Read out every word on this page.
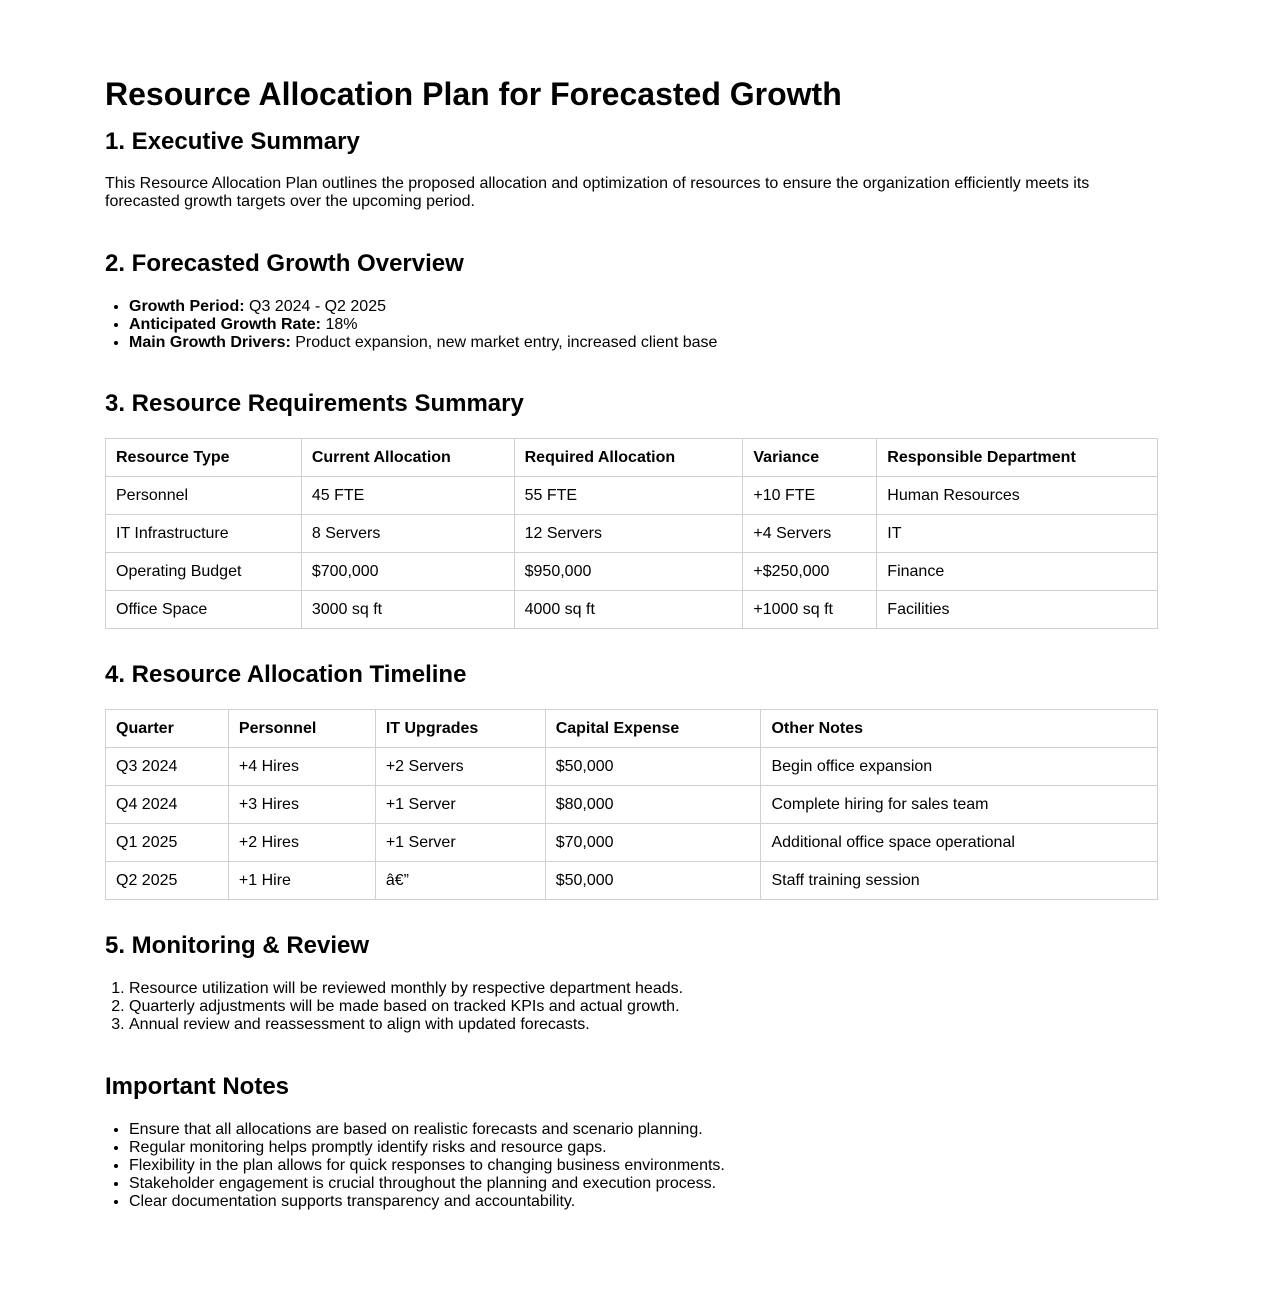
Resource Allocation Plan for Forecasted Growth
1. Executive Summary

This Resource Allocation Plan outlines the proposed allocation and optimization of resources to ensure the organization efficiently meets its forecasted growth targets over the upcoming period.

2. Forecasted Growth Overview
• Growth Period: Q3 2024 - Q2 2025
• Anticipated Growth Rate: 18%
• Main Growth Drivers: Product expansion, new market entry, increased client base
3. Resource Requirements Summary
Resource Type	Current Allocation	Required Allocation	Variance	Responsible Department
Personnel	45 FTE	55 FTE	+10 FTE	Human Resources
IT Infrastructure	8 Servers	12 Servers	+4 Servers	IT
Operating Budget	$700,000	$950,000	+$250,000	Finance
Office Space	3000 sq ft	4000 sq ft	+1000 sq ft	Facilities
4. Resource Allocation Timeline
Quarter	Personnel	IT Upgrades	Capital Expense	Other Notes
Q3 2024	+4 Hires	+2 Servers	$50,000	Begin office expansion
Q4 2024	+3 Hires	+1 Server	$80,000	Complete hiring for sales team
Q1 2025	+2 Hires	+1 Server	$70,000	Additional office space operational
Q2 2025	+1 Hire	â€”	$50,000	Staff training session
5. Monitoring & Review
1. Resource utilization will be reviewed monthly by respective department heads.
2. Quarterly adjustments will be made based on tracked KPIs and actual growth.
3. Annual review and reassessment to align with updated forecasts.
Important Notes
• Ensure that all allocations are based on realistic forecasts and scenario planning.
• Regular monitoring helps promptly identify risks and resource gaps.
• Flexibility in the plan allows for quick responses to changing business environments.
• Stakeholder engagement is crucial throughout the planning and execution process.
• Clear documentation supports transparency and accountability.
